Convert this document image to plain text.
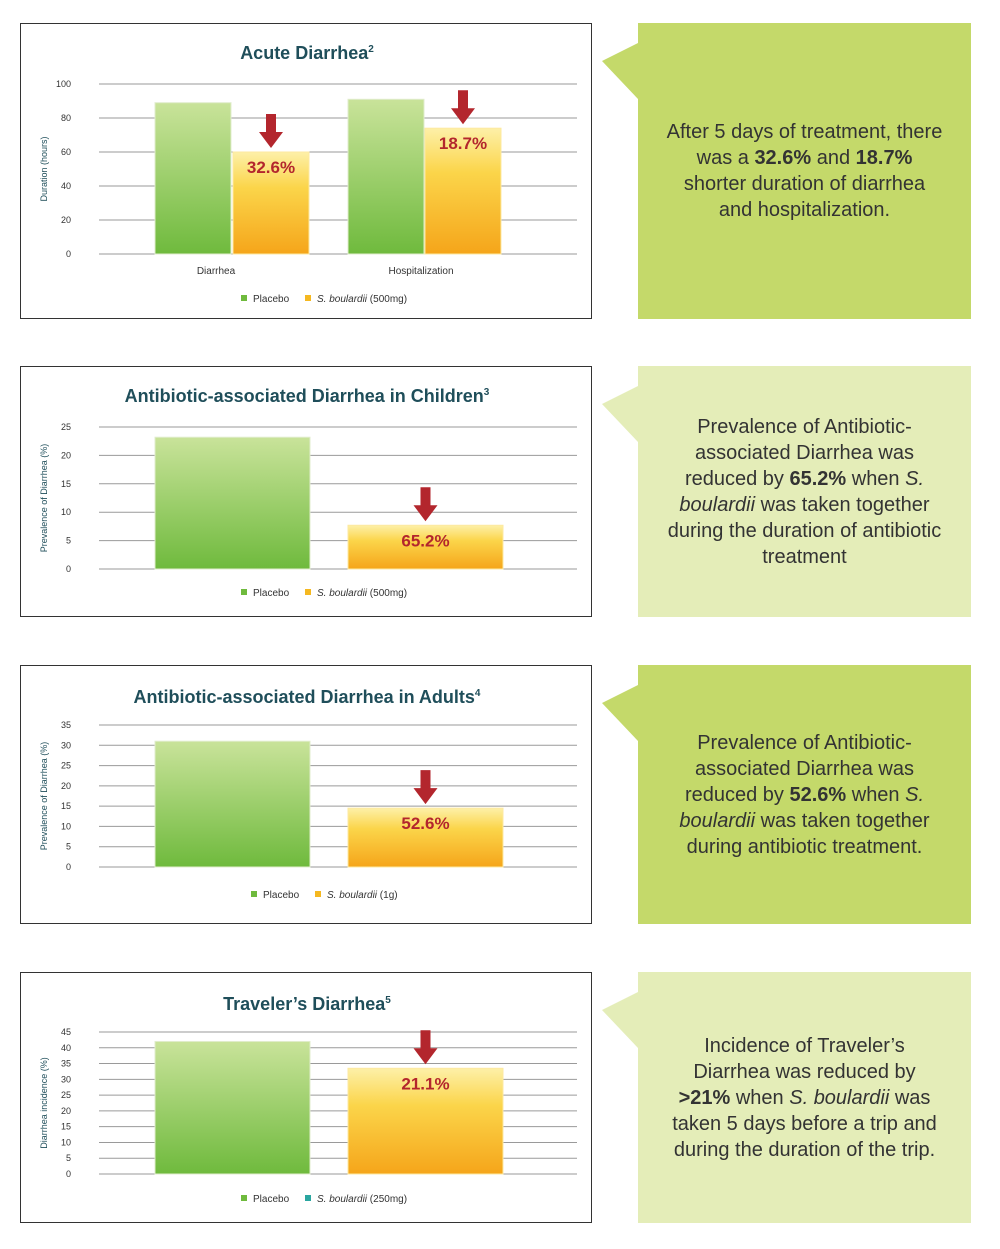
Acute Diarrhea$^2$
0
20
40
60
80
100
Duration (hours)	32.6%
18.7%
Diarrhea	Hospitalization
Placebo	S. boulardii (500mg)
After 5 days of treatment, there was a 32.6% and 18.7% shorter duration of diarrhea and hospitalization.
Antibiotic-associated Diarrhea in Children$^3$
0
5
10
15
20
25
Prevalence of Diarrhea (%)	65.2%
Placebo	S. boulardii (500mg)
Prevalence of Antibiotic-associated Diarrhea was reduced by 65.2% when S. boulardii was taken together during the duration of antibiotic treatment
Antibiotic-associated Diarrhea in Adults$^4$
0
5
10
15
20
25
30
35
Prevalence of Diarrhea (%)	52.6%
Placebo	S. boulardii (1g)
Prevalence of Antibiotic-associated Diarrhea was reduced by 52.6% when S. boulardii was taken together during antibiotic treatment.
Traveler’s Diarrhea$^5$
0
5
10
15
20
25
30
35
40
45
Diarrhea incidence (%)	21.1%
Placebo	S. boulardii (250mg)
Incidence of Traveler’s Diarrhea was reduced by >21% when S. boulardii was taken 5 days before a trip and during the duration of the trip.
